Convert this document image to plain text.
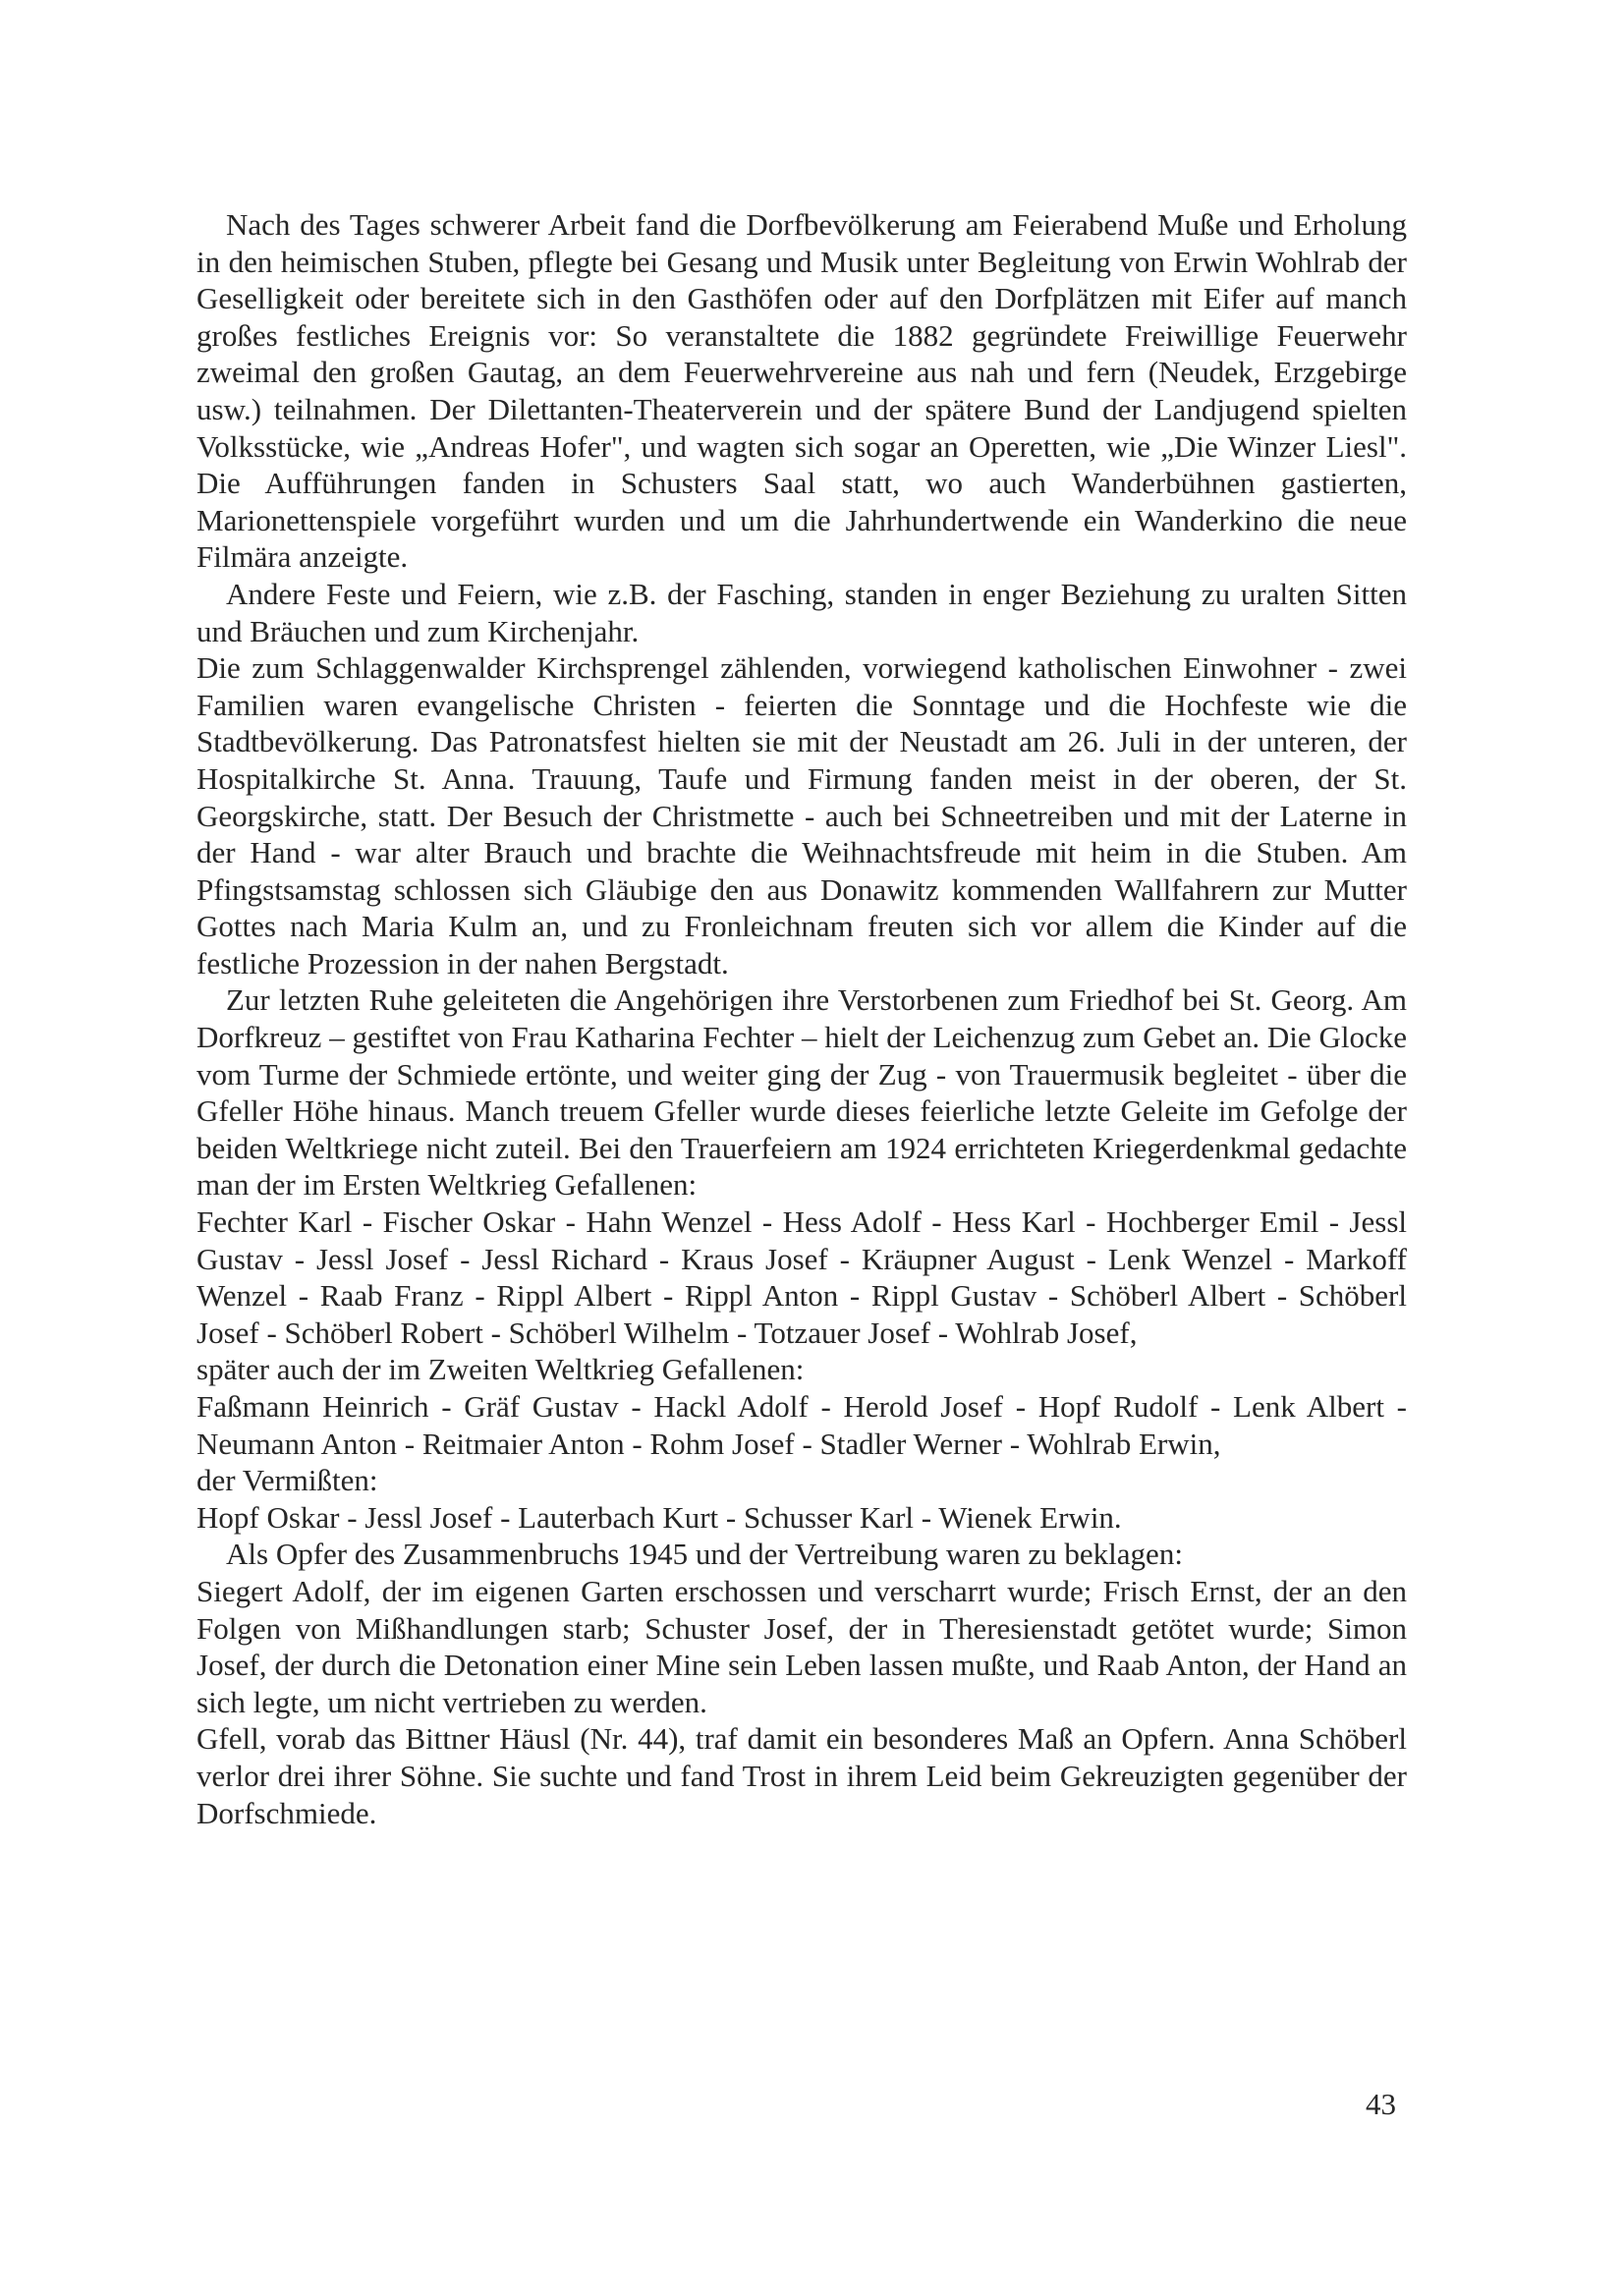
Nach des Tages schwerer Arbeit fand die Dorfbevölkerung am Feierabend Muße und Erholung in den heimischen Stuben, pflegte bei Gesang und Musik unter Begleitung von Erwin Wohlrab der Geselligkeit oder bereitete sich in den Gasthöfen oder auf den Dorfplätzen mit Eifer auf manch großes festliches Ereignis vor: So veranstaltete die 1882 gegründete Freiwillige Feuerwehr zweimal den großen Gautag, an dem Feuerwehrvereine aus nah und fern (Neudek, Erzgebirge usw.) teilnahmen. Der Dilettanten-Theaterverein und der spätere Bund der Landjugend spielten Volksstücke, wie „Andreas Hofer", und wagten sich sogar an Operetten, wie „Die Winzer Liesl". Die Aufführungen fanden in Schusters Saal statt, wo auch Wanderbühnen gastierten, Marionettenspiele vorgeführt wurden und um die Jahrhundertwende ein Wanderkino die neue Filmära anzeigte.

Andere Feste und Feiern, wie z.B. der Fasching, standen in enger Beziehung zu uralten Sitten und Bräuchen und zum Kirchenjahr.

Die zum Schlaggenwalder Kirchsprengel zählenden, vorwiegend katholischen Einwohner - zwei Familien waren evangelische Christen - feierten die Sonntage und die Hochfeste wie die Stadtbevölkerung. Das Patronatsfest hielten sie mit der Neustadt am 26. Juli in der unteren, der Hospitalkirche St. Anna. Trauung, Taufe und Firmung fanden meist in der oberen, der St. Georgskirche, statt. Der Besuch der Christmette - auch bei Schneetreiben und mit der Laterne in der Hand - war alter Brauch und brachte die Weihnachtsfreude mit heim in die Stuben. Am Pfingstsamstag schlossen sich Gläubige den aus Donawitz kommenden Wallfahrern zur Mutter Gottes nach Maria Kulm an, und zu Fronleichnam freuten sich vor allem die Kinder auf die festliche Prozession in der nahen Bergstadt.

Zur letzten Ruhe geleiteten die Angehörigen ihre Verstorbenen zum Friedhof bei St. Georg. Am Dorfkreuz – gestiftet von Frau Katharina Fechter – hielt der Leichenzug zum Gebet an. Die Glocke vom Turme der Schmiede ertönte, und weiter ging der Zug - von Trauermusik begleitet - über die Gfeller Höhe hinaus. Manch treuem Gfeller wurde dieses feierliche letzte Geleite im Gefolge der beiden Weltkriege nicht zuteil. Bei den Trauerfeiern am 1924 errichteten Kriegerdenkmal gedachte man der im Ersten Weltkrieg Gefallenen:

Fechter Karl - Fischer Oskar - Hahn Wenzel - Hess Adolf - Hess Karl - Hochberger Emil - Jessl Gustav - Jessl Josef - Jessl Richard - Kraus Josef - Kräupner August - Lenk Wenzel - Markoff Wenzel - Raab Franz - Rippl Albert - Rippl Anton - Rippl Gustav - Schöberl Albert - Schöberl Josef - Schöberl Robert - Schöberl Wilhelm - Totzauer Josef - Wohlrab Josef,

später auch der im Zweiten Weltkrieg Gefallenen:

Faßmann Heinrich - Gräf Gustav - Hackl Adolf - Herold Josef - Hopf Rudolf - Lenk Albert - Neumann Anton - Reitmaier Anton - Rohm Josef - Stadler Werner - Wohlrab Erwin,

der Vermißten:

Hopf Oskar - Jessl Josef - Lauterbach Kurt - Schusser Karl - Wienek Erwin.

Als Opfer des Zusammenbruchs 1945 und der Vertreibung waren zu beklagen:

Siegert Adolf, der im eigenen Garten erschossen und verscharrt wurde; Frisch Ernst, der an den Folgen von Mißhandlungen starb; Schuster Josef, der in Theresienstadt getötet wurde; Simon Josef, der durch die Detonation einer Mine sein Leben lassen mußte, und Raab Anton, der Hand an sich legte, um nicht vertrieben zu werden.

Gfell, vorab das Bittner Häusl (Nr. 44), traf damit ein besonderes Maß an Opfern. Anna Schöberl verlor drei ihrer Söhne. Sie suchte und fand Trost in ihrem Leid beim Gekreuzigten gegenüber der Dorfschmiede.

43
